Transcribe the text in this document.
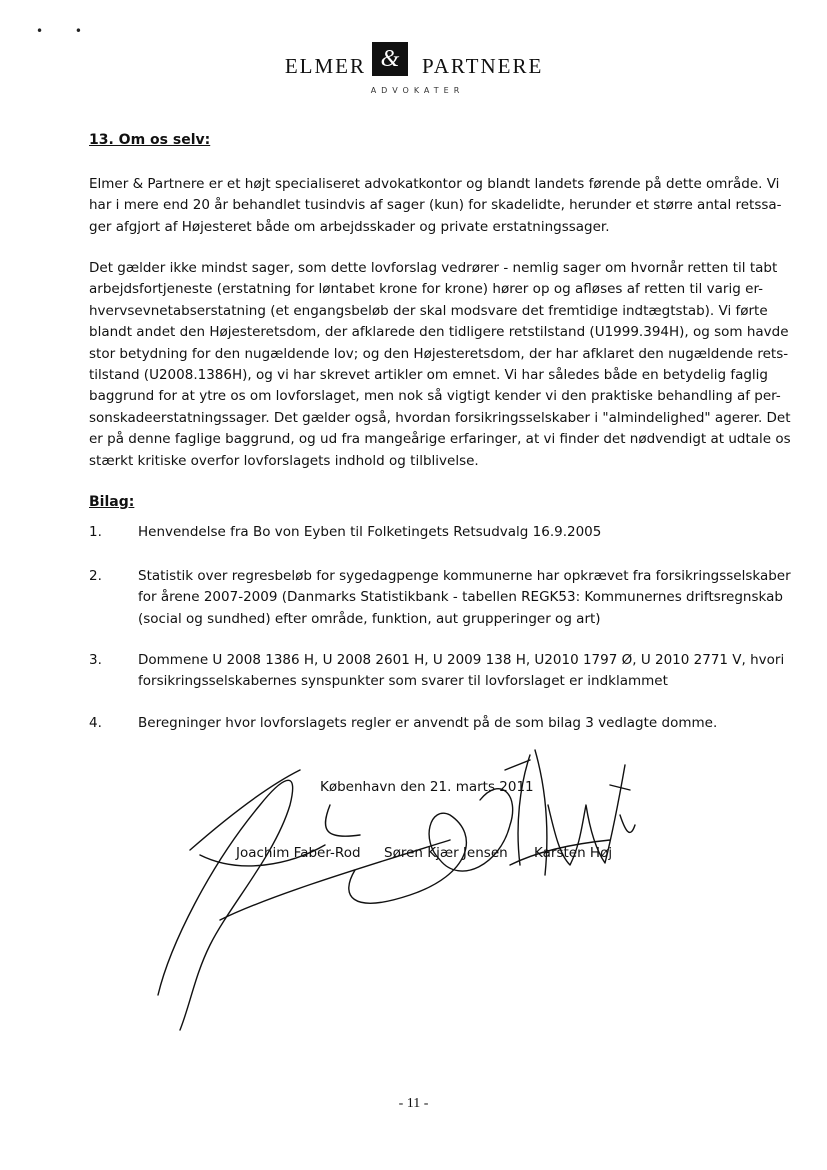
• •
ELMER &	PARTNERE
ADVOKATER
13. Om os selv:
Elmer & Partnere er et højt specialiseret advokatkontor og blandt landets førende på dette område. Vi
har i mere end 20 år behandlet tusindvis af sager (kun) for skadelidte, herunder et større antal retssa-
ger afgjort af Højesteret både om arbejdsskader og private erstatningssager.
Det gælder ikke mindst sager, som dette lovforslag vedrører - nemlig sager om hvornår retten til tabt
arbejdsfortjeneste (erstatning for løntabet krone for krone) hører op og afløses af retten til varig er-
hvervsevnetabserstatning (et engangsbeløb der skal modsvare det fremtidige indtægtstab). Vi førte
blandt andet den Højesteretsdom, der afklarede den tidligere retstilstand (U1999.394H), og som havde
stor betydning for den nugældende lov; og den Højesteretsdom, der har afklaret den nugældende rets-
tilstand (U2008.1386H), og vi har skrevet artikler om emnet. Vi har således både en betydelig faglig
baggrund for at ytre os om lovforslaget, men nok så vigtigt kender vi den praktiske behandling af per-
sonskadeerstatningssager. Det gælder også, hvordan forsikringsselskaber i "almindelighed" agerer. Det
er på denne faglige baggrund, og ud fra mangeårige erfaringer, at vi finder det nødvendigt at udtale os
stærkt kritiske overfor lovforslagets indhold og tilblivelse.
Bilag:
1.	Henvendelse fra Bo von Eyben til Folketingets Retsudvalg 16.9.2005
2.	Statistik over regresbeløb for sygedagpenge kommunerne har opkrævet fra forsikringsselskaber
for årene 2007-2009 (Danmarks Statistikbank - tabellen REGK53: Kommunernes driftsregnskab
(social og sundhed) efter område, funktion, aut grupperinger og art)
3.	Dommene U 2008 1386 H, U 2008 2601 H, U 2009 138 H, U2010 1797 Ø, U 2010 2771 V, hvori
forsikringsselskabernes synspunkter som svarer til lovforslaget er indklammet
4.	Beregninger hvor lovforslagets regler er anvendt på de som bilag 3 vedlagte domme.
København den 21. marts 2011
Joachim Faber-Rod Søren Kjær Jensen Karsten Høj
- 11 -
